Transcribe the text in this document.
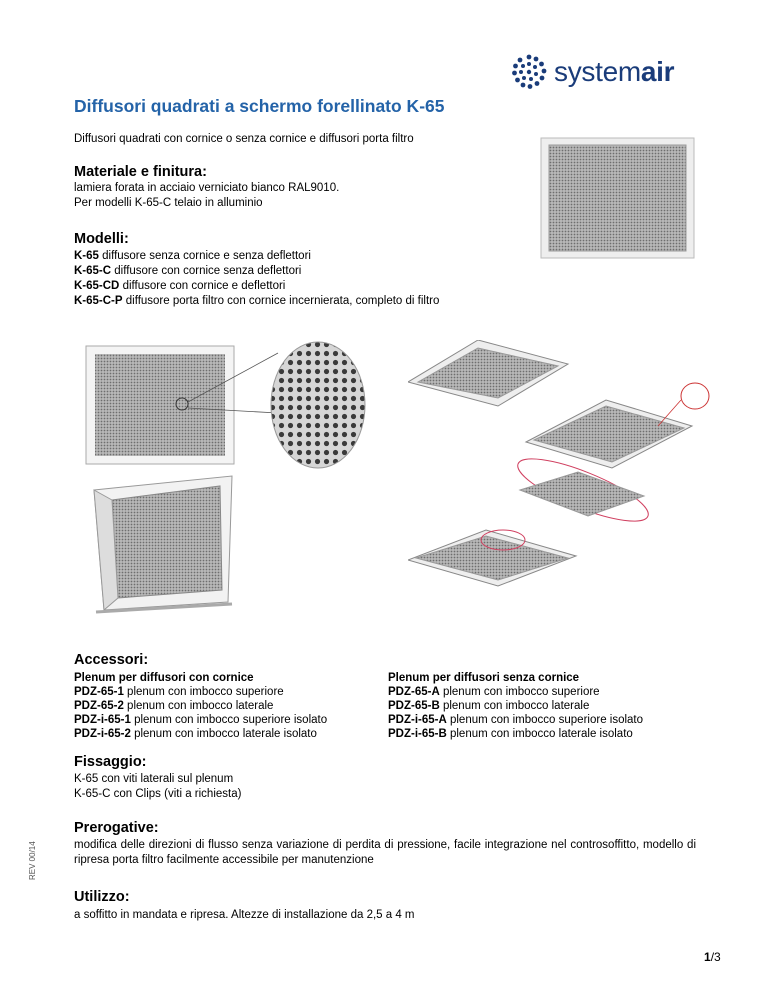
systemair
Diffusori quadrati a schermo forellinato K-65
Diffusori quadrati con cornice o senza cornice e diffusori porta filtro
Materiale e finitura:

lamiera forata in acciaio verniciato bianco RAL9010.

Per modelli K-65-C telaio in alluminio

Modelli:

K-65 diffusore senza cornice e senza deflettori

K-65-C diffusore con cornice senza deflettori

K-65-CD diffusore con cornice e deflettori

K-65-C-P diffusore porta filtro con cornice incernierata, completo di filtro

Accessori:

Plenum per diffusori con cornice

PDZ-65-1 plenum con imbocco superiore

PDZ-65-2 plenum con imbocco laterale

PDZ-i-65-1 plenum con imbocco superiore isolato

PDZ-i-65-2 plenum con imbocco laterale isolato

Plenum per diffusori senza cornice

PDZ-65-A plenum con imbocco superiore

PDZ-65-B plenum con imbocco laterale

PDZ-i-65-A plenum con imbocco superiore isolato

PDZ-i-65-B plenum con imbocco laterale isolato

Fissaggio:

K-65 con viti laterali sul plenum

K-65-C con Clips (viti a richiesta)

Prerogative:
modifica delle direzioni di flusso senza variazione di perdita di pressione, facile integrazione nel controsoffitto, modello di ripresa porta filtro facilmente accessibile per manutenzione
Utilizzo:
a soffitto in mandata e ripresa. Altezze di installazione da 2,5 a 4 m
REV 00/14
1/3
